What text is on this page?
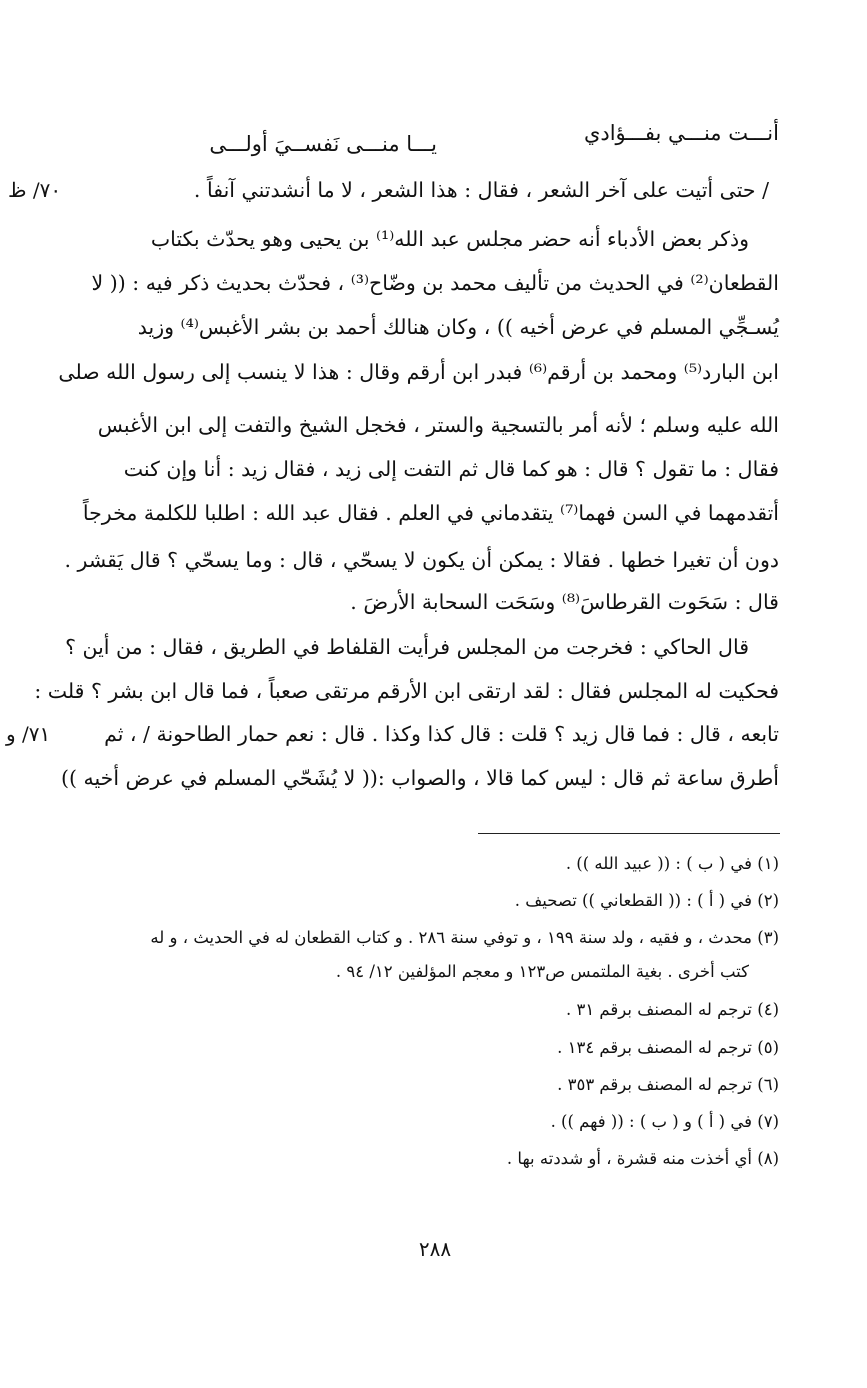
أنـــت منـــي بفـــؤادي
يـــا منـــى نَفســيَ أولـــى
٧٠/ ظ
٧١/ و
/ حتى أتيت على آخر الشعر ، فقال : هذا الشعر ، لا ما أنشدتني آنفاً .
وذكر بعض الأدباء أنه حضر مجلس عبد الله⁽¹⁾ بن يحيى وهو يحدّث بكتاب
القطعان⁽²⁾ في الحديث من تأليف محمد بن وضّاح⁽³⁾ ، فحدّث بحديث ذكر فيه : (( لا
يُسـجِّي المسلم في عرض أخيه )) ، وكان هنالك أحمد بن بشر الأغبس⁽⁴⁾ وزيد
ابن البارد⁽⁵⁾ ومحمد بن أرقم⁽⁶⁾ فبدر ابن أرقم وقال : هذا لا ينسب إلى رسول الله صلى
الله عليه وسلم ؛ لأنه أمر بالتسجية والستر ، فخجل الشيخ والتفت إلى ابن الأغبس
فقال : ما تقول ؟ قال : هو كما قال ثم التفت إلى زيد ، فقال زيد : أنا وإن كنت
أتقدمهما في السن فهما⁽⁷⁾ يتقدماني في العلم . فقال عبد الله : اطلبا للكلمة مخرجاً
دون أن تغيرا خطها . فقالا : يمكن أن يكون لا يسحّي ، قال : وما يسحّي ؟ قال يَقشر .
قال : سَحَوت القرطاسَ⁽⁸⁾ وسَحَت السحابة الأرضَ .
قال الحاكي : فخرجت من المجلس فرأيت القلفاط في الطريق ، فقال : من أين ؟
فحكيت له المجلس فقال : لقد ارتقى ابن الأرقم مرتقى صعباً ، فما قال ابن بشر ؟ قلت :
تابعه ، قال : فما قال زيد ؟ قلت : قال كذا وكذا . قال : نعم حمار الطاحونة / ، ثم
أطرق ساعة ثم قال : ليس كما قالا ، والصواب :(( لا يُشَحّي المسلم في عرض أخيه ))
(١) في ( ب ) : (( عبيد الله )) .
(٢) في ( أ ) : (( القطعاني )) تصحيف .
(٣) محدث ، و فقيه ، ولد سنة ١٩٩ ، و توفي سنة ٢٨٦ . و كتاب القطعان له في الحديث ، و له
كتب أخرى . بغية الملتمس ص١٢٣ و معجم المؤلفين ١٢/ ٩٤ .
(٤) ترجم له المصنف برقم ٣١ .
(٥) ترجم له المصنف برقم ١٣٤ .
(٦) ترجم له المصنف برقم ٣٥٣ .
(٧) في ( أ ) و ( ب ) : (( فهم )) .
(٨) أي أخذت منه قشرة ، أو شددته بها .
٢٨٨
